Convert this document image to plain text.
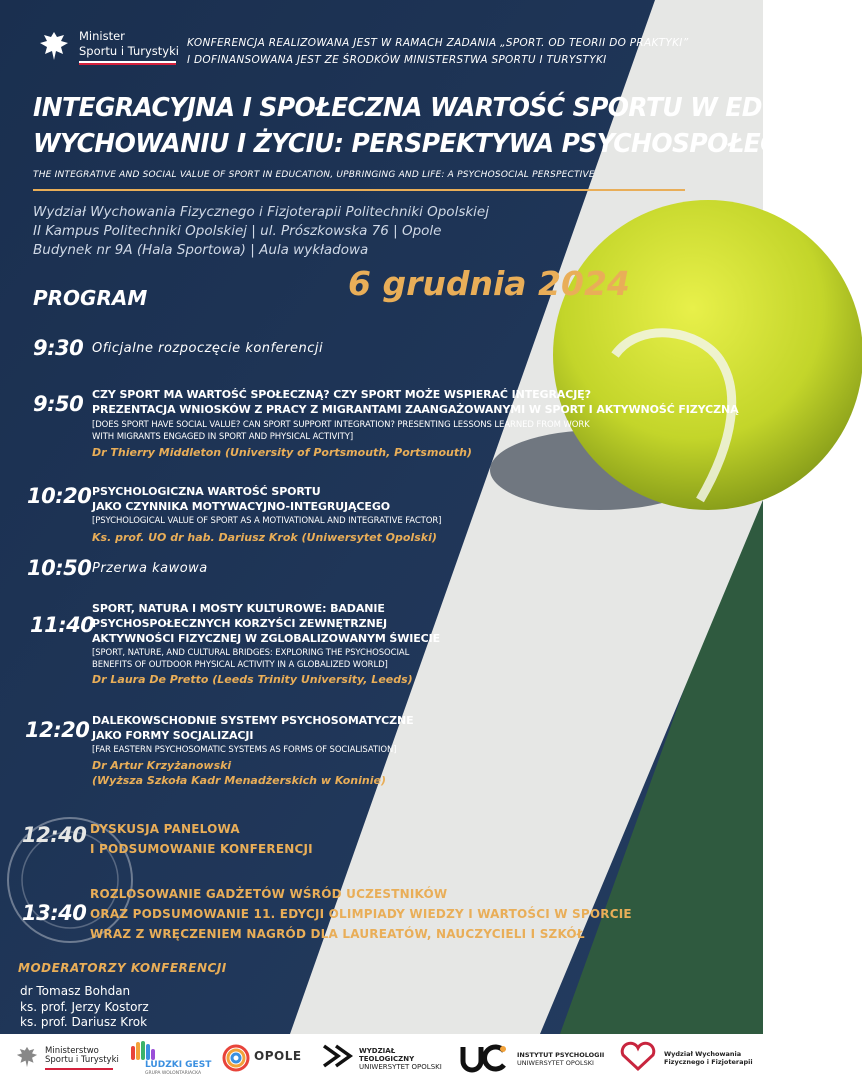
Minister
Sportu i Turystyki
KONFERENCJA REALIZOWANA JEST W RAMACH ZADANIA „SPORT. OD TEORII DO PRAKTYKI”
I DOFINANSOWANA JEST ZE ŚRODKÓW MINISTERSTWA SPORTU I TURYSTYKI
INTEGRACYJNA I SPOŁECZNA WARTOŚĆ SPORTU W EDUKACJI,
WYCHOWANIU I ŻYCIU: PERSPEKTYWA PSYCHOSPOŁECZNA
THE INTEGRATIVE AND SOCIAL VALUE OF SPORT IN EDUCATION, UPBRINGING AND LIFE: A PSYCHOSOCIAL PERSPECTIVE
Wydział Wychowania Fizycznego i Fizjoterapii Politechniki Opolskiej
II Kampus Politechniki Opolskiej | ul. Prószkowska 76 | Opole
Budynek nr 9A (Hala Sportowa) | Aula wykładowa
6 grudnia 2024
PROGRAM
9:30 Oficjalne rozpoczęcie konferencji
9:50 CZY SPORT MA WARTOŚĆ SPOŁECZNĄ? CZY SPORT MOŻE WSPIERAĆ INTEGRACJĘ?
PREZENTACJA WNIOSKÓW Z PRACY Z MIGRANTAMI ZAANGAŻOWANYMI W SPORT I AKTYWNOŚĆ FIZYCZNĄ
[DOES SPORT HAVE SOCIAL VALUE? CAN SPORT SUPPORT INTEGRATION? PRESENTING LESSONS LEARNED FROM WORK
WITH MIGRANTS ENGAGED IN SPORT AND PHYSICAL ACTIVITY]
Dr Thierry Middleton (University of Portsmouth, Portsmouth)
10:20 PSYCHOLOGICZNA WARTOŚĆ SPORTU
JAKO CZYNNIKA MOTYWACYJNO-INTEGRUJĄCEGO
[PSYCHOLOGICAL VALUE OF SPORT AS A MOTIVATIONAL AND INTEGRATIVE FACTOR]
Ks. prof. UO dr hab. Dariusz Krok (Uniwersytet Opolski)
10:50 Przerwa kawowa
11:40
SPORT, NATURA I MOSTY KULTUROWE: BADANIE
PSYCHOSPOŁECZNYCH KORZYŚCI ZEWNĘTRZNEJ
AKTYWNOŚCI FIZYCZNEJ W ZGLOBALIZOWANYM ŚWIECIE
[SPORT, NATURE, AND CULTURAL BRIDGES: EXPLORING THE PSYCHOSOCIAL
BENEFITS OF OUTDOOR PHYSICAL ACTIVITY IN A GLOBALIZED WORLD]
Dr Laura De Pretto (Leeds Trinity University, Leeds)
12:20 DALEKOWSCHODNIE SYSTEMY PSYCHOSOMATYCZNE
JAKO FORMY SOCJALIZACJI
[FAR EASTERN PSYCHOSOMATIC SYSTEMS AS FORMS OF SOCIALISATION]
Dr Artur Krzyżanowski
(Wyższa Szkoła Kadr Menadżerskich w Koninie)
12:40 DYSKUSJA PANELOWA
I PODSUMOWANIE KONFERENCJI
13:40
ROZLOSOWANIE GADŻETÓW WŚRÓD UCZESTNIKÓW
ORAZ PODSUMOWANIE 11. EDYCJI OLIMPIADY WIEDZY I WARTOŚCI W SPORCIE
WRAZ Z WRĘCZENIEM NAGRÓD DLA LAUREATÓW, NAUCZYCIELI I SZKÓŁ
MODERATORZY KONFERENCJI
dr Tomasz Bohdan
ks. prof. Jerzy Kostorz
ks. prof. Dariusz Krok
Ministerstwo
Sportu i Turystyki	LUDZKI GEST
GRUPA WOLONTARIACKA
OPOLE	WYDZIAŁ
TEOLOGICZNY
UNIWERSYTET OPOLSKI
INSTYTUT PSYCHOLOGII
UNIWERSYTET OPOLSKI
Wydział Wychowania
Fizycznego i Fizjoterapii
